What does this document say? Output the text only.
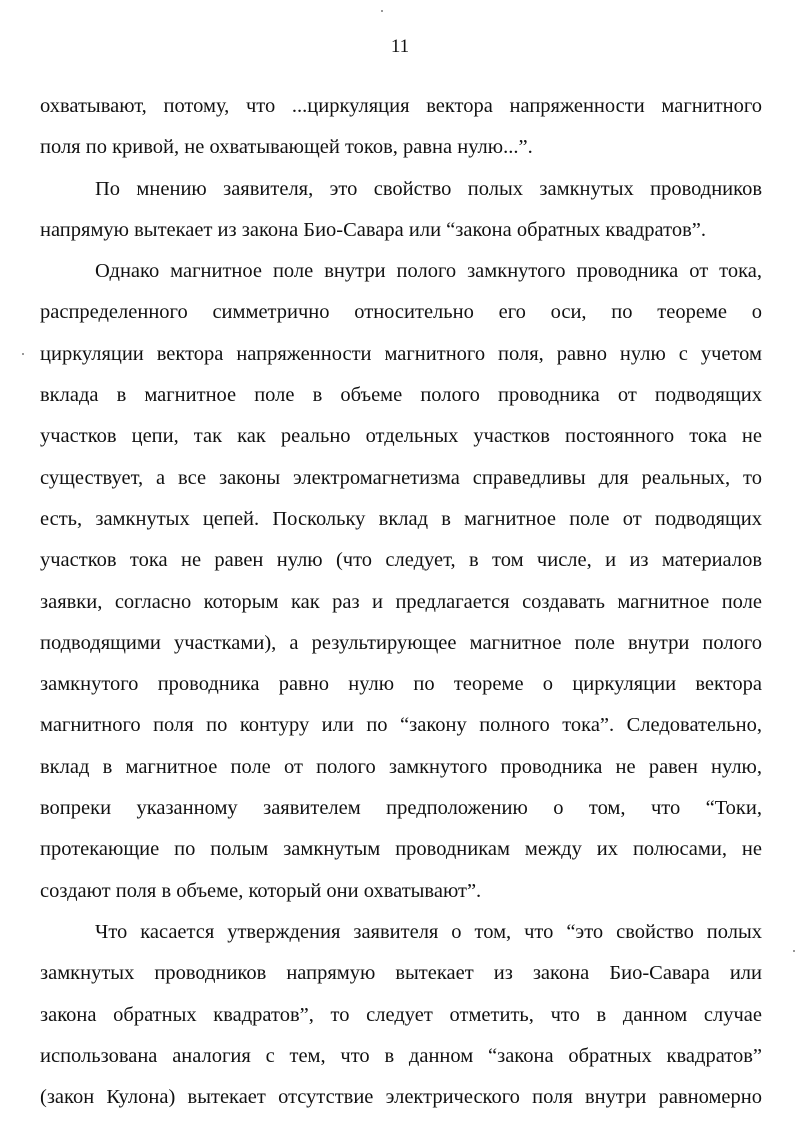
11

охватывают, потому, что ...циркуляция вектора напряженности магнитного
поля по кривой, не охватывающей токов, равна нулю...”.

По мнению заявителя, это свойство полых замкнутых проводников
напрямую вытекает из закона Био-Савара или “закона обратных квадратов”.

Однако магнитное поле внутри полого замкнутого проводника от тока,
распределенного симметрично относительно его оси, по теореме о
циркуляции вектора напряженности магнитного поля, равно нулю с учетом
вклада в магнитное поле в объеме полого проводника от подводящих
участков цепи, так как реально отдельных участков постоянного тока не
существует, а все законы электромагнетизма справедливы для реальных, то
есть, замкнутых цепей. Поскольку вклад в магнитное поле от подводящих
участков тока не равен нулю (что следует, в том числе, и из материалов
заявки, согласно которым как раз и предлагается создавать магнитное поле
подводящими участками), а результирующее магнитное поле внутри полого
замкнутого проводника равно нулю по теореме о циркуляции вектора
магнитного поля по контуру или по “закону полного тока”. Следовательно,
вклад в магнитное поле от полого замкнутого проводника не равен нулю,
вопреки указанному заявителем предположению о том, что “Токи,
протекающие по полым замкнутым проводникам между их полюсами, не
создают поля в объеме, который они охватывают”.

Что касается утверждения заявителя о том, что “это свойство полых
замкнутых проводников напрямую вытекает из закона Био-Савара или
закона обратных квадратов”, то следует отметить, что в данном случае
использована аналогия с тем, что в данном “закона обратных квадратов”
(закон Кулона) вытекает отсутствие электрического поля внутри равномерно
